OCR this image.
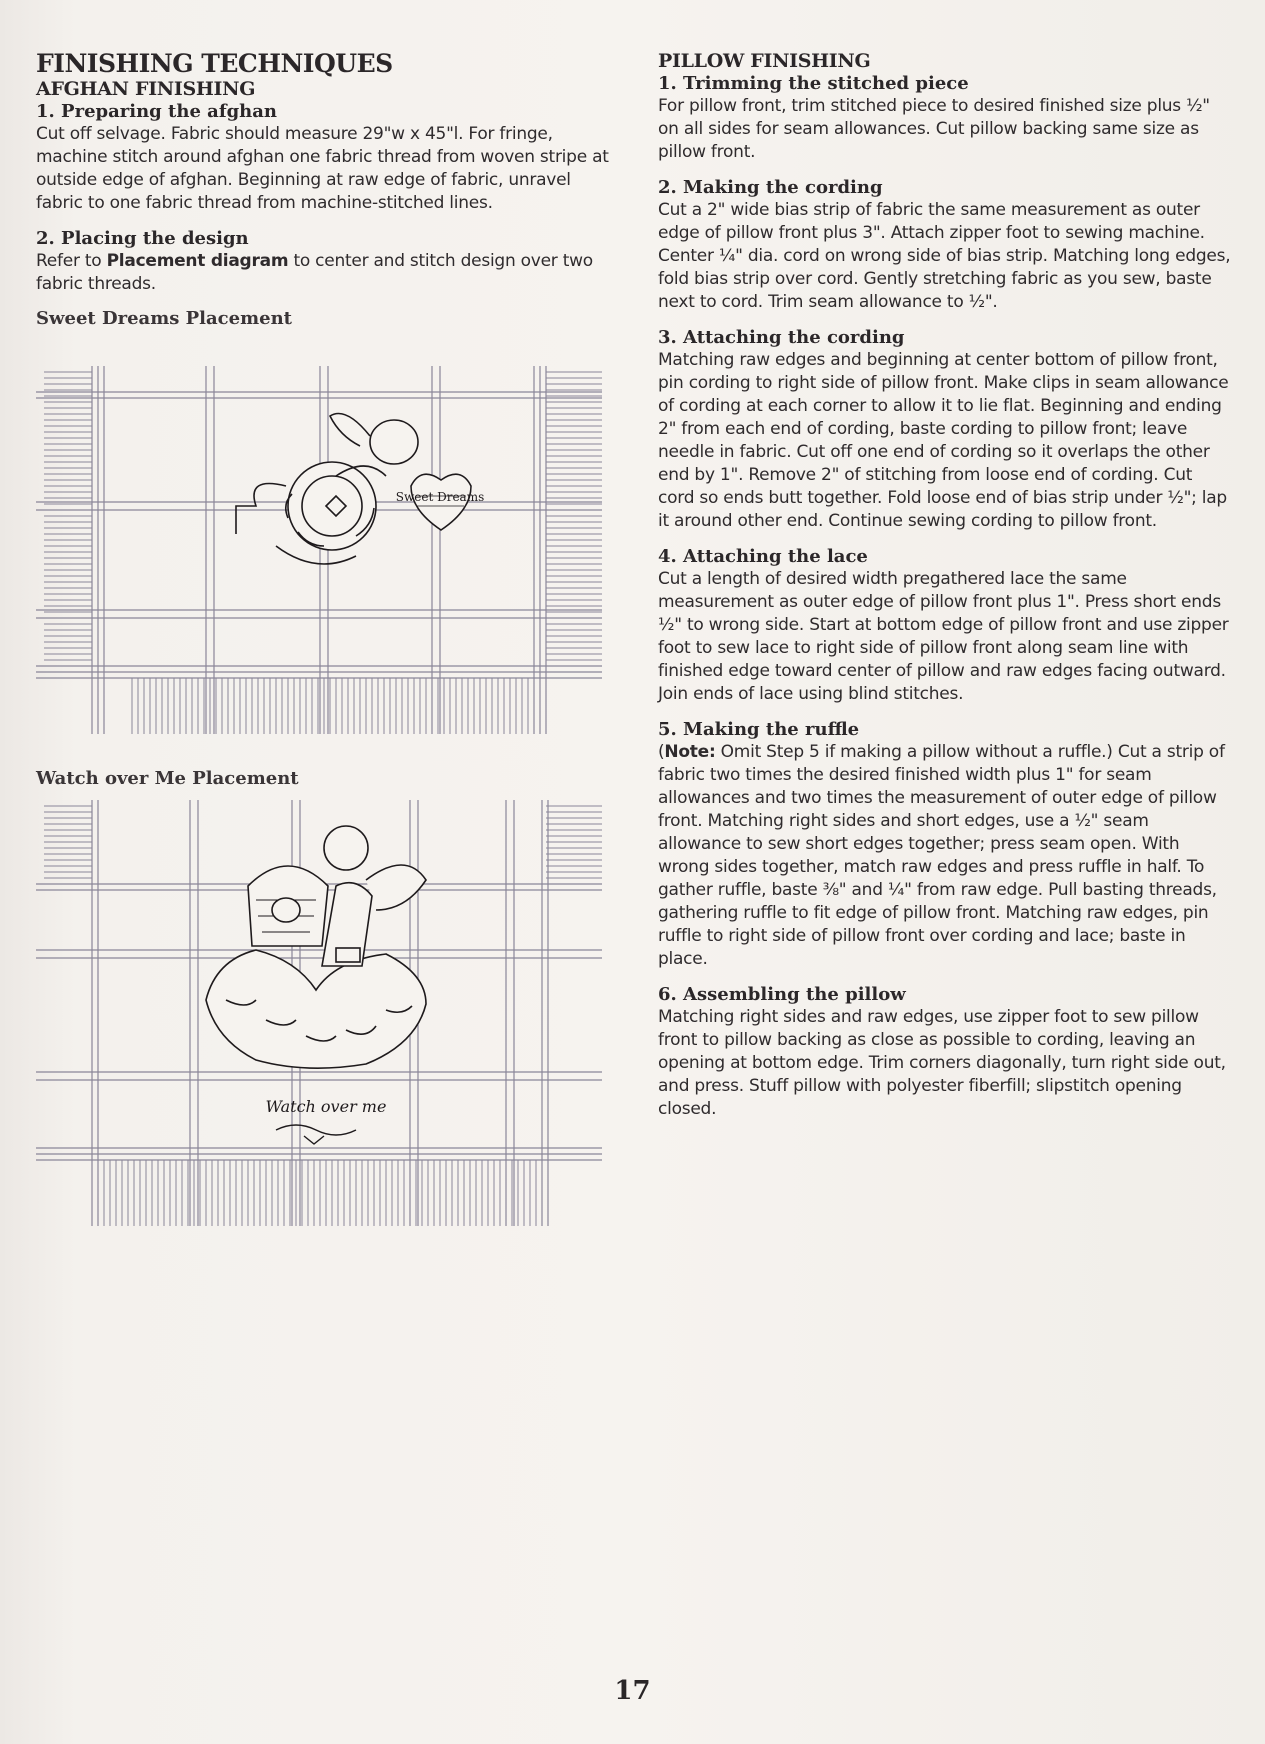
FINISHING TECHNIQUES
AFGHAN FINISHING
1. Preparing the afghan

Cut off selvage. Fabric should measure 29"w x 45"l. For fringe, machine stitch around afghan one fabric thread from woven stripe at outside edge of afghan. Beginning at raw edge of fabric, unravel fabric to one fabric thread from machine-stitched lines.

2. Placing the design

Refer to Placement diagram to center and stitch design over two fabric threads.

Sweet Dreams Placement
Sweet Dreams
Watch over Me Placement
Watch over me
PILLOW FINISHING
1. Trimming the stitched piece

For pillow front, trim stitched piece to desired finished size plus ½" on all sides for seam allowances. Cut pillow backing same size as pillow front.

2. Making the cording

Cut a 2" wide bias strip of fabric the same measurement as outer edge of pillow front plus 3". Attach zipper foot to sewing machine. Center ¼" dia. cord on wrong side of bias strip. Matching long edges, fold bias strip over cord. Gently stretching fabric as you sew, baste next to cord. Trim seam allowance to ½".

3. Attaching the cording

Matching raw edges and beginning at center bottom of pillow front, pin cording to right side of pillow front. Make clips in seam allowance of cording at each corner to allow it to lie flat. Beginning and ending 2" from each end of cording, baste cording to pillow front; leave needle in fabric. Cut off one end of cording so it overlaps the other end by 1". Remove 2" of stitching from loose end of cording. Cut cord so ends butt together. Fold loose end of bias strip under ½"; lap it around other end. Continue sewing cording to pillow front.

4. Attaching the lace

Cut a length of desired width pregathered lace the same measurement as outer edge of pillow front plus 1". Press short ends ½" to wrong side. Start at bottom edge of pillow front and use zipper foot to sew lace to right side of pillow front along seam line with finished edge toward center of pillow and raw edges facing outward. Join ends of lace using blind stitches.

5. Making the ruffle

(Note: Omit Step 5 if making a pillow without a ruffle.) Cut a strip of fabric two times the desired finished width plus 1" for seam allowances and two times the measurement of outer edge of pillow front. Matching right sides and short edges, use a ½" seam allowance to sew short edges together; press seam open. With wrong sides together, match raw edges and press ruffle in half. To gather ruffle, baste ⅜" and ¼" from raw edge. Pull basting threads, gathering ruffle to fit edge of pillow front. Matching raw edges, pin ruffle to right side of pillow front over cording and lace; baste in place.

6. Assembling the pillow

Matching right sides and raw edges, use zipper foot to sew pillow front to pillow backing as close as possible to cording, leaving an opening at bottom edge. Trim corners diagonally, turn right side out, and press. Stuff pillow with polyester fiberfill; slipstitch opening closed.

17
